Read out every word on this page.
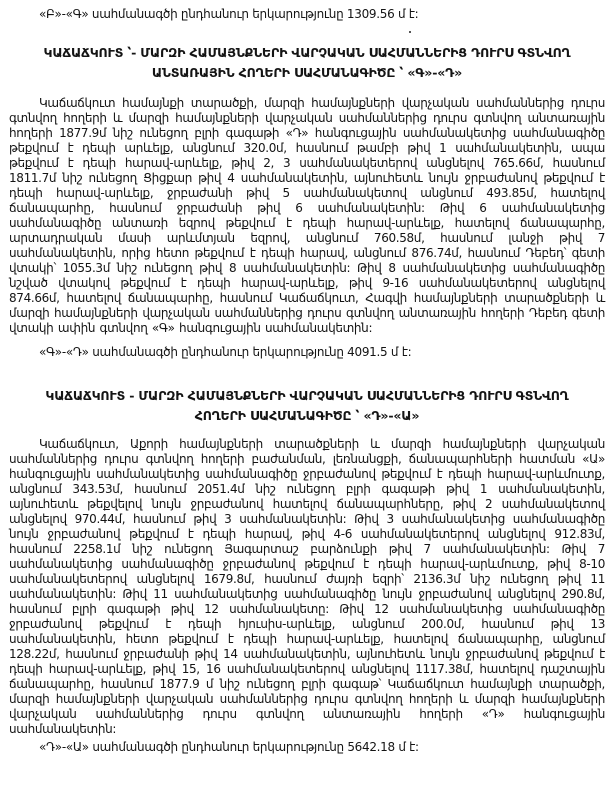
«Բ»-«Գ» սահմանագծի ընդհանուր երկարությունը 1309.56 մ է:
ԿԱՃԱՃԿՈՒՏ ՝- ՄԱՐԶԻ ՀԱՄԱՅՆՔՆԵՐԻ ՎԱՐՉԱԿԱՆ ՍԱՀՄԱՆՆԵՐԻՑ ԴՈՒՐՍ ԳՏՆՎՈՂ ԱՆՏԱՌԱՅԻՆ ՀՈՂԵՐԻ ՍԱՀՄԱՆԱԳԻԾԸ ՝ «Գ»-«Դ»
Կաճաճկուտ համայնքի տարածքի, մարզի համայնքների վարչական սահմաններից դուրս գտնվող հողերի և մարզի համայնքների վարչական սահմաններից դուրս գտնվող անտառային հողերի 1877.9մ նիշ ունեցող բլրի գագաթի «Դ» հանգուցային սահմանակետից սահմանագիծը թեքվում է դեպի արևելք, անցնում 320.0մ, հասնում թամբի թիվ 1 սահմանակետին, ապա թեքվում է դեպի հարավ-արևելք, թիվ 2, 3 սահմանակետերով անցնելով 765.66մ, հասնում 1811.7մ նիշ ունեցող Ցիցքար թիվ 4 սահմանակետին, այնուհետև նույն ջրբաժանով թեքվում է դեպի հարավ-արևելք, ջրբաժանի թիվ 5 սահմանակետով անցնում 493.85մ, հատելով ճանապարհը, հասնում ջրբաժանի թիվ 6 սահմանակետին: Թիվ 6 սահմանակետից սահմանագիծը անտառի եզրով թեքվում է դեպի հարավ-արևելք, հատելով ճանապարհը, արտադրական մասի արևմտյան եզրով, անցնում 760.58մ, հասնում լանջի թիվ 7 սահմանակետին, որից հետո թեքվում է դեպի հարավ, անցնում 876.74մ, հասնում Դեբեդ՝ գետի վտակի՝ 1055.3մ նիշ ունեցող թիվ 8 սահմանակետին: Թիվ 8 սահմանակետից սահմանագիծը նշված վտակով թեքվում է դեպի հարավ-արևելք, թիվ 9-16 սահմանակետերով անցնելով 874.66մ, հատելով ճանապարհը, հասնում Կաճաճկուտ, Հագվի համայնքների տարածքների և մարզի համայնքների վարչական սահմաններից դուրս գտնվող անտառային հողերի Դեբեդ գետի վտակի ափին գտնվող «Գ» հանգուցային սահմանակետին:
«Գ»-«Դ» սահմանագծի ընդհանուր երկարությունը 4091.5 մ է:
ԿԱՃԱՃԿՈՒՏ - ՄԱՐԶԻ ՀԱՄԱՅՆՔՆԵՐԻ ՎԱՐՉԱԿԱՆ ՍԱՀՄԱՆՆԵՐԻՑ ԴՈՒՐՍ ԳՏՆՎՈՂ ՀՈՂԵՐԻ ՍԱՀՄԱՆԱԳԻԾԸ ՝ «Դ»-«Ա»
Կաճաճկուտ, Աքորի համայնքների տարածքների և մարզի համայնքների վարչական սահմաններից դուրս գտնվող հողերի բաժանման, լեռնանցքի, ճանապարհների հատման «Ա» հանգուցային սահմանակետից սահմանագիծը ջրբաժանով թեքվում է դեպի հարավ-արևմուտք, անցնում 343.53մ, հասնում 2051.4մ նիշ ունեցող բլրի գագաթի թիվ 1 սահմանակետին, այնուհետև թեքվելով նույն ջրբաժանով հատելով ճանապարհները, թիվ 2 սահմանակետով անցնելով 970.44մ, հասնում թիվ 3 սահմանակետին: Թիվ 3 սահմանակետից սահմանագիծը նույն ջրբաժանով թեքվում է դեպի հարավ, թիվ 4-6 սահմանակետերով անցնելով 912.83մ, հասնում 2258.1մ նիշ ունեցող Յագարտաշ բարձունքի թիվ 7 սահմանակետին: Թիվ 7 սահմանակետից սահմանագիծը ջրբաժանով թեքվում է դեպի հարավ-արևմուտք, թիվ 8-10 սահմանակետերով անցնելով 1679.8մ, հասնում ժայռի եզրի՝ 2136.3մ նիշ ունեցող թիվ 11 սահմանակետին: Թիվ 11 սահմանակետից սահմանագիծը նույն ջրբաժանով անցնելով 290.8մ, հասնում բլրի գագաթի թիվ 12 սահմանակետը: Թիվ 12 սահմանակետից սահմանագիծը ջրբաժանով թեքվում է դեպի հյուսիս-արևելք, անցնում 200.0մ, հասնում թիվ 13 սահմանակետին, հետո թեքվում է դեպի հարավ-արևելք, հատելով ճանապարհը, անցնում 128.22մ, հասնում ջրբաժանի թիվ 14 սահմանակետին, այնուհետև նույն ջրբաժանով թեքվում է դեպի հարավ-արևելք, թիվ 15, 16 սահմանակետերով անցնելով 1117.38մ, հատելով դաշտային ճանապարհը, հասնում 1877.9 մ նիշ ունեցող բլրի գագաթ՝ Կաճաճկուտ համայնքի տարածքի, մարզի համայնքների վարչական սահմաններից դուրս գտնվող հողերի և մարզի համայնքների վարչական սահմաններից դուրս գտնվող անտառային հողերի «Դ» հանգուցային սահմանակետին:
«Դ»-«Ա» սահմանագծի ընդհանուր երկարությունը 5642.18 մ է:
